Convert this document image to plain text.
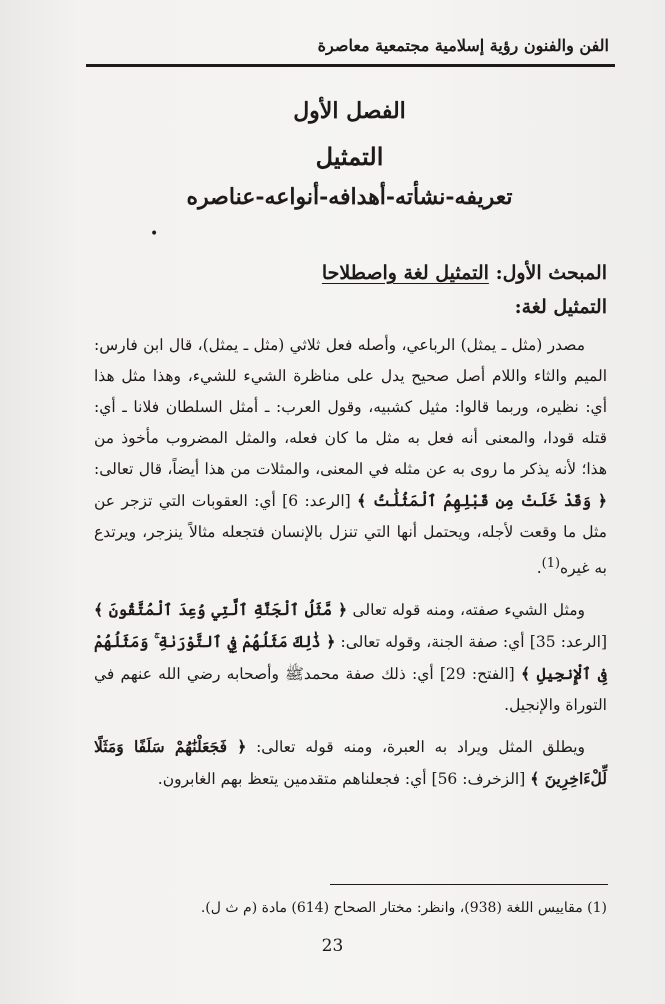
الفن والفنون رؤية إسلامية مجتمعية معاصرة
الفصل الأول
التمثيل
تعريفه-نشأته-أهدافه-أنواعه-عناصره
•
المبحث الأول: التمثيل لغة واصطلاحا
التمثيل لغة:

مصدر (مثل ـ يمثل) الرباعي، وأصله فعل ثلاثي (مثل ـ يمثل)، قال ابن فارس: الميم والثاء واللام أصل صحيح يدل على مناظرة الشيء للشيء، وهذا مثل هذا أي: نظيره، وربما قالوا: مثيل كشبيه، وقول العرب: ـ أمثل السلطان فلانا ـ أي: قتله قودا، والمعنى أنه فعل به مثل ما كان فعله، والمثل المضروب مأخوذ من هذا؛ لأنه يذكر ما روى به عن مثله في المعنى، والمثلات من هذا أيضاً، قال تعالى: ﴿ وَقَدْ خَلَتْ مِن قَبْلِهِمُ ٱلْمَثُلَٰتُ ﴾ [الرعد: 6] أي: العقوبات التي تزجر عن مثل ما وقعت لأجله، ويحتمل أنها التي تنزل بالإنسان فتجعله مثالاً ينزجر، ويرتدع به غيره$^{(1)}$.

ومثل الشيء صفته، ومنه قوله تعالى ﴿ مَّثَلُ ٱلْجَنَّةِ ٱلَّتِي وُعِدَ ٱلْمُتَّقُونَ ﴾ [الرعد: 35] أي: صفة الجنة، وقوله تعالى: ﴿ ذَٰلِكَ مَثَلُهُمْ فِي ٱلتَّوْرَىٰةِ ۚ وَمَثَلُهُمْ فِى ٱلْإِنجِيلِ ﴾ [الفتح: 29] أي: ذلك صفة محمدﷺ وأصحابه رضي الله عنهم في التوراة والإنجيل.

ويطلق المثل ويراد به العبرة، ومنه قوله تعالى: ﴿ فَجَعَلْنَٰهُمْ سَلَفًا وَمَثَلًا لِّلْءَاخِرِينَ ﴾ [الزخرف: 56] أي: فجعلناهم متقدمين يتعظ بهم الغابرون.

(1) مقاييس اللغة (938)، وانظر: مختار الصحاح (614) مادة (م ث ل).
23
